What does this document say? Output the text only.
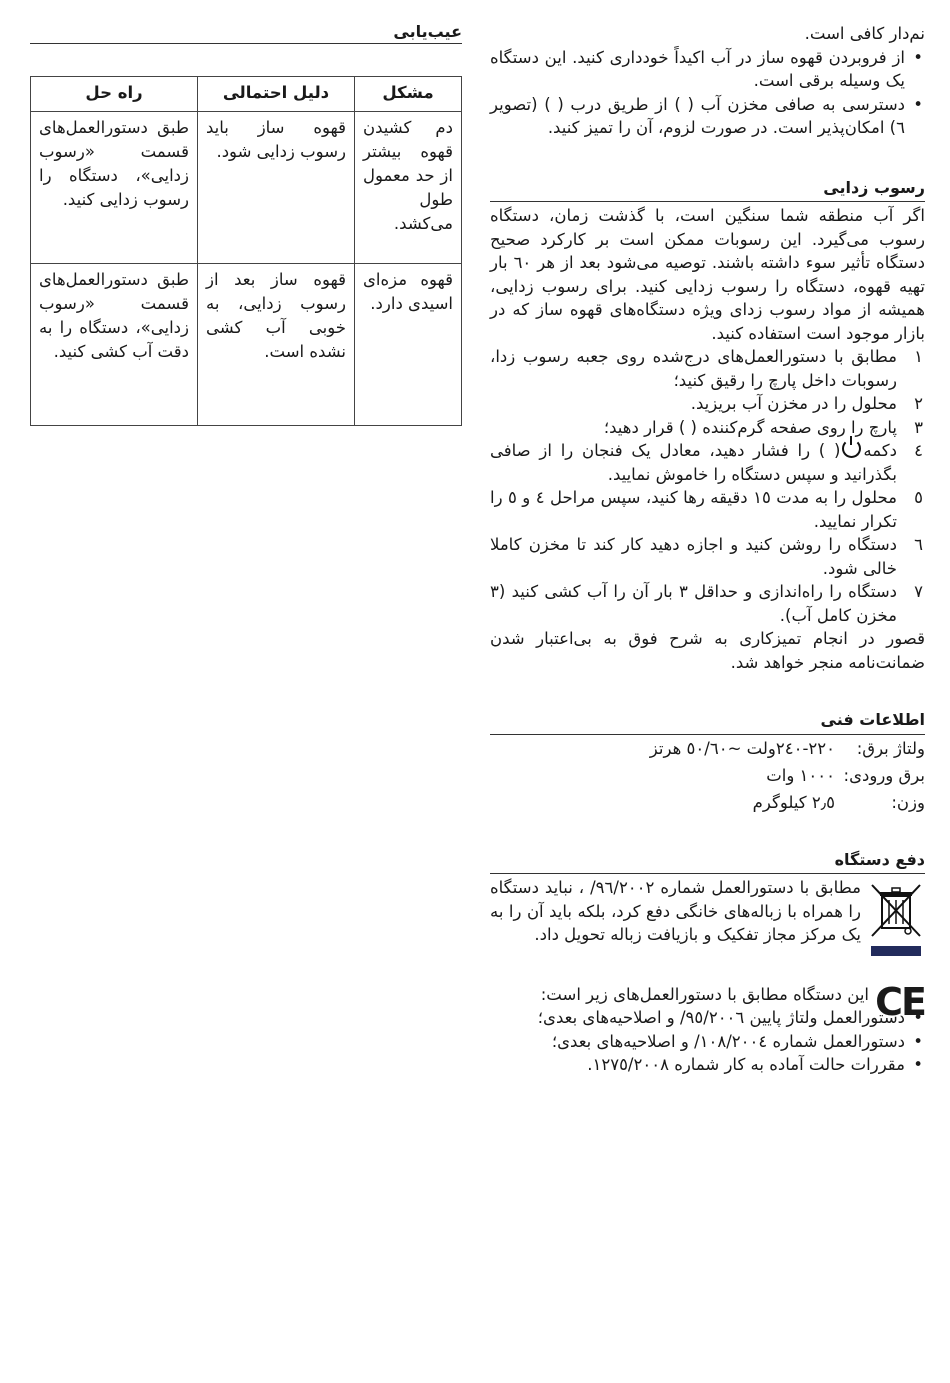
عیب‌یابی
مشکل	دلیل احتمالی	راه حل
دم کشیدن قهوه بیشتر از حد معمول طول می‌کشد.	قهوه ساز باید رسوب زدایی شود.	طبق دستورالعمل‌های قسمت «رسوب زدایی»، دستگاه را رسوب زدایی کنید.
قهوه مزه‌ای اسیدی دارد.	قهوه ساز بعد از رسوب زدایی، به خوبی آب کشی نشده است.	طبق دستورالعمل‌های قسمت «رسوب زدایی»، دستگاه را به دقت آب کشی کنید.

نم‌دار کافی است.

• از فروبردن قهوه ساز در آب اکیداً خودداری کنید. این دستگاه یک وسیله برقی است.
• دسترسی به صافی مخزن آب ( ) از طریق درب ( ) (تصویر ٦) امکان‌پذیر است. در صورت لزوم، آن را تمیز کنید.
رسوب زدایی

اگر آب منطقه شما سنگین است، با گذشت زمان، دستگاه رسوب می‌گیرد. این رسوبات ممکن است بر کارکرد صحیح دستگاه تأثیر سوء داشته باشند. توصیه می‌شود بعد از هر ٦٠ بار تهیه قهوه، دستگاه را رسوب زدایی کنید. برای رسوب زدایی، همیشه از مواد رسوب زدای ویژه دستگاه‌های قهوه ساز که در بازار موجود است استفاده کنید.

١
مطابق با دستورالعمل‌های درج‌شده روی جعبه رسوب زدا، رسوبات داخل پارچ را رقیق کنید؛
٢
محلول را در مخزن آب بریزید.
٣
پارچ را روی صفحه گرم‌کننده ( ) قرار دهید؛
٤
دکمه( ) را فشار دهید، معادل یک فنجان را از صافی بگذرانید و سپس دستگاه را خاموش نمایید.
٥
محلول را به مدت ١٥ دقیقه رها کنید، سپس مراحل ٤ و ٥ را تکرار نمایید.
٦
دستگاه را روشن کنید و اجازه دهید کار کند تا مخزن کاملا خالی شود.
٧
دستگاه را راه‌اندازی و حداقل ٣ بار آن را آب کشی کنید (٣ مخزن کامل آب).

قصور در انجام تمیزکاری به شرح فوق به بی‌اعتبار شدن ضمانت‌نامه منجر خواهد شد.

اطلاعات فنی
ولتاژ برق:	٢٢٠-٢٤٠ولت ~٥٠/٦٠ هرتز
برق ورودی:	١٠٠٠ وات
وزن:	٢٫٥ کیلوگرم
دفع دستگاه

مطابق با دستورالعمل شماره ٩٦/٢٠٠٢/ ، نباید دستگاه را همراه با زباله‌های خانگی دفع کرد، بلکه باید آن را به یک مرکز مجاز تفکیک و بازیافت زباله تحویل داد.

CE

این دستگاه مطابق با دستورالعمل‌های زیر است:

• دستورالعمل ولتاژ پایین ٩٥/٢٠٠٦/ و اصلاحیه‌های بعدی؛
• دستورالعمل شماره ١٠٨/٢٠٠٤/ و اصلاحیه‌های بعدی؛
• مقررات حالت آماده به کار شماره ١٢٧٥/٢٠٠٨.
